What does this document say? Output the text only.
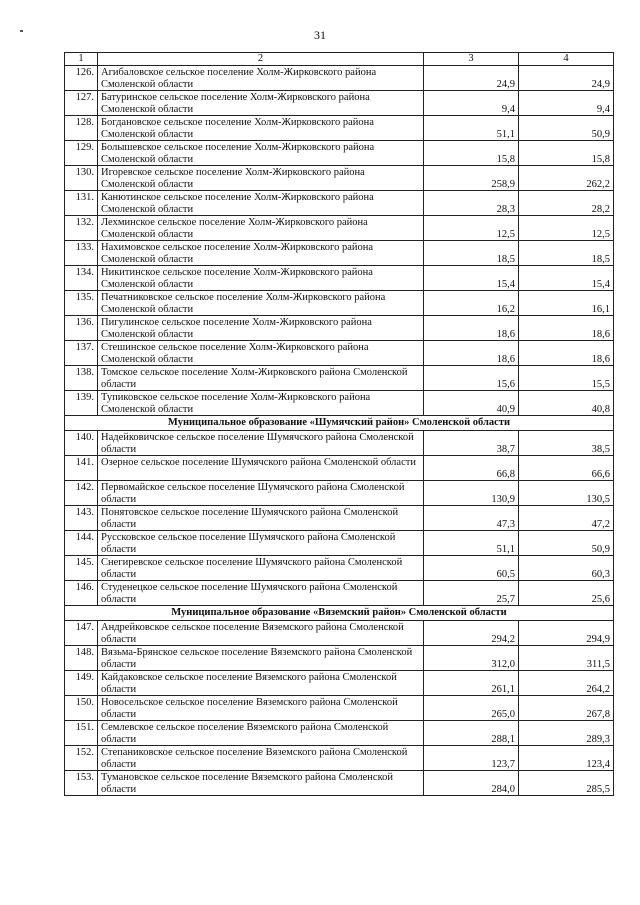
31
1	2	3	4
126.	Агибаловское сельское поселение Холм-Жирковского района Смоленской области	24,9	24,9
127.	Батуринское сельское поселение Холм-Жирковского района Смоленской области	9,4	9,4
128.	Богдановское сельское поселение Холм-Жирковского района Смоленской области	51,1	50,9
129.	Болышевское сельское поселение Холм-Жирковского района Смоленской области	15,8	15,8
130.	Игоревское сельское поселение Холм-Жирковского района Смоленской области	258,9	262,2
131.	Канютинское сельское поселение Холм-Жирковского района Смоленской области	28,3	28,2
132.	Лехминское сельское поселение Холм-Жирковского района Смоленской области	12,5	12,5
133.	Нахимовское сельское поселение Холм-Жирковского района Смоленской области	18,5	18,5
134.	Никитинское сельское поселение Холм-Жирковского района Смоленской области	15,4	15,4
135.	Печатниковское сельское поселение Холм-Жирковского района Смоленской области	16,2	16,1
136.	Пигулинское сельское поселение Холм-Жирковского района Смоленской области	18,6	18,6
137.	Стешинское сельское поселение Холм-Жирковского района Смоленской области	18,6	18,6
138.	Томское сельское поселение Холм-Жирковского района Смоленской области	15,6	15,5
139.	Тупиковское сельское поселение Холм-Жирковского района Смоленской области	40,9	40,8
Муниципальное образование «Шумячский район» Смоленской области			
140.	Надейковичское сельское поселение Шумячского района Смоленской области	38,7	38,5
141.	Озерное сельское поселение Шумячского района Смоленской области	66,8	66,6
142.	Первомайское сельское поселение Шумячского района Смоленской области	130,9	130,5
143.	Понятовское сельское поселение Шумячского района Смоленской области	47,3	47,2
144.	Руссковское сельское поселение Шумячского района Смоленской области	51,1	50,9
145.	Снегиревское сельское поселение Шумячского района Смоленской области	60,5	60,3
146.	Студенецкое сельское поселение Шумячского района Смоленской области	25,7	25,6
Муниципальное образование «Вяземский район» Смоленской области			
147.	Андрейковское сельское поселение Вяземского района Смоленской области	294,2	294,9
148.	Вязьма-Брянское сельское поселение Вяземского района Смоленской области	312,0	311,5
149.	Кайдаковское сельское поселение Вяземского района Смоленской области	261,1	264,2
150.	Новосельское сельское поселение Вяземского района Смоленской области	265,0	267,8
151.	Семлевское сельское поселение Вяземского района Смоленской области	288,1	289,3
152.	Степаниковское сельское поселение Вяземского района Смоленской области	123,7	123,4
153.	Тумановское сельское поселение Вяземского района Смоленской области	284,0	285,5
